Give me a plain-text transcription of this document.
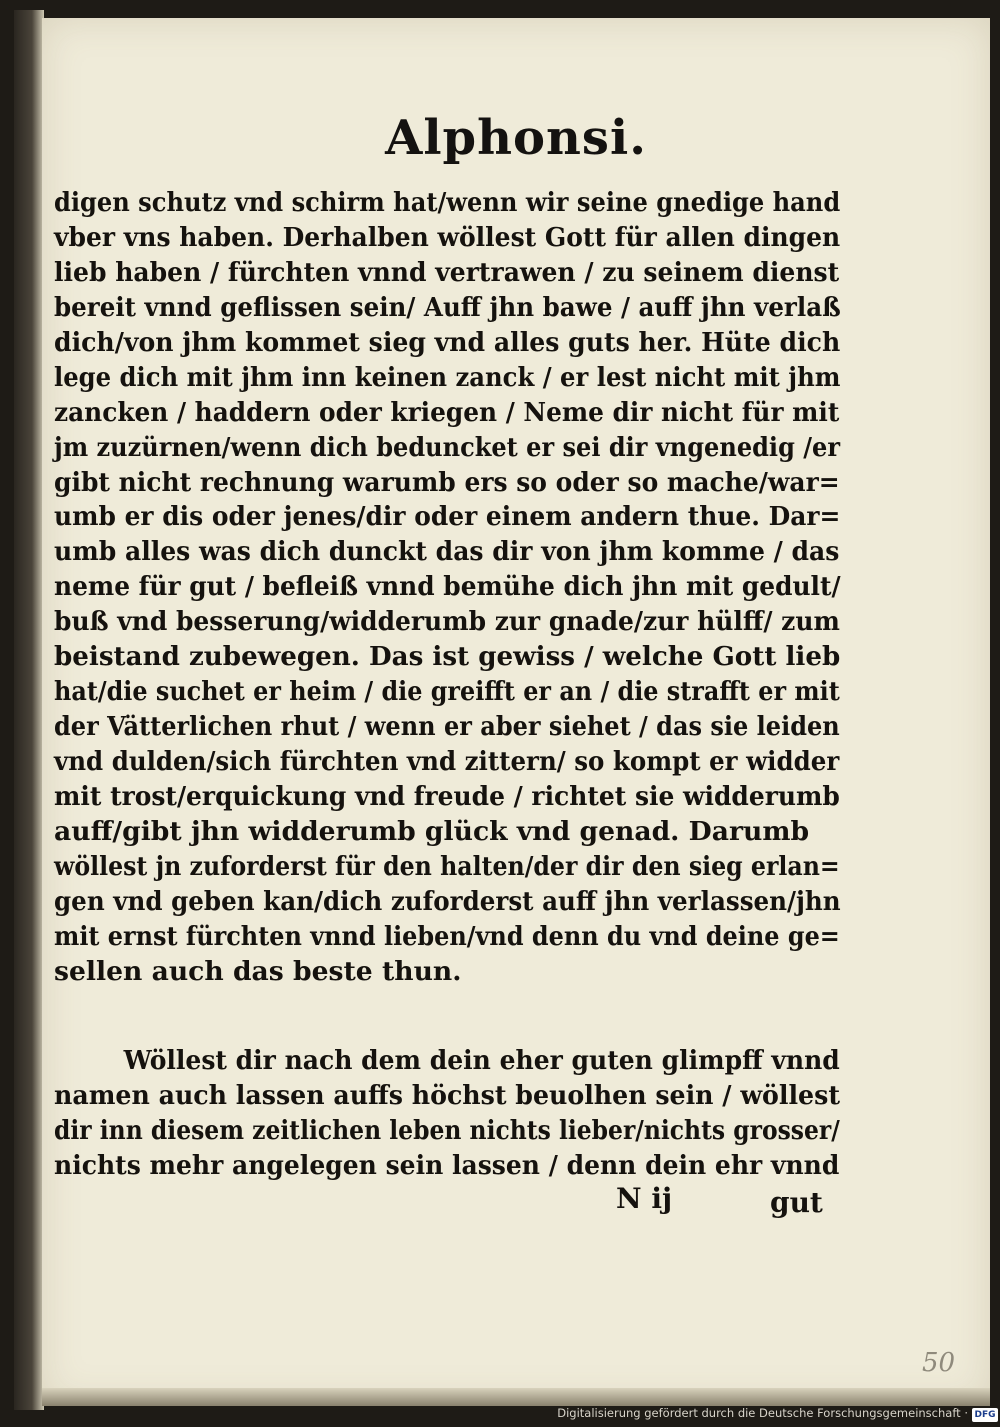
Alphonsi.
digen schutz vnd schirm hat/wenn wir seine gnedige hand
vber vns haben. Derhalben wöllest Gott für allen dingen
lieb haben / fürchten vnnd vertrawen / zu seinem dienst
bereit vnnd geflissen sein/ Auff jhn bawe / auff jhn verlaß
dich/von jhm kommet sieg vnd alles guts her. Hüte dich
lege dich mit jhm inn keinen zanck / er lest nicht mit jhm
zancken / haddern oder kriegen / Neme dir nicht für mit
jm zuzürnen/wenn dich beduncket er sei dir vngenedig /er
gibt nicht rechnung warumb ers so oder so mache/war=
umb er dis oder jenes/dir oder einem andern thue. Dar=
umb alles was dich dunckt das dir von jhm komme / das
neme für gut / befleiß vnnd bemühe dich jhn mit gedult/
buß vnd besserung/widderumb zur gnade/zur hülff/ zum
beistand zubewegen. Das ist gewiss / welche Gott lieb
hat/die suchet er heim / die greifft er an / die strafft er mit
der Vätterlichen rhut / wenn er aber siehet / das sie leiden
vnd dulden/sich fürchten vnd zittern/ so kompt er widder
mit trost/erquickung vnd freude / richtet sie widderumb
auff/gibt jhn widderumb glück vnd genad. Darumb
wöllest jn zuforderst für den halten/der dir den sieg erlan=
gen vnd geben kan/dich zuforderst auff jhn verlassen/jhn
mit ernst fürchten vnnd lieben/vnd denn du vnd deine ge=
sellen auch das beste thun.
Wöllest dir nach dem dein eher guten glimpff vnnd
namen auch lassen auffs höchst beuolhen sein / wöllest
dir inn diesem zeitlichen leben nichts lieber/nichts grosser/
nichts mehr angelegen sein lassen / denn dein ehr vnnd
N ij	gut
50
Digitalisierung gefördert durch die Deutsche Forschungsgemeinschaft · DFG
